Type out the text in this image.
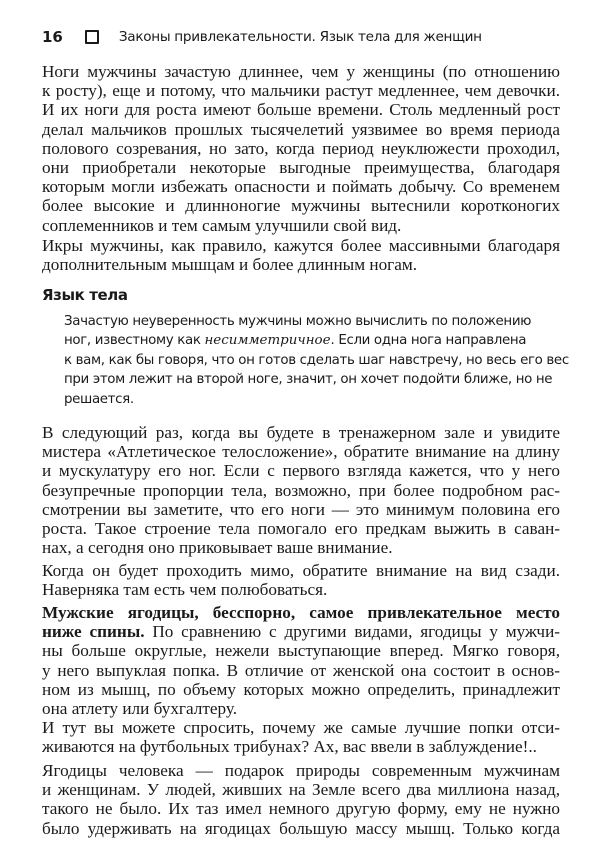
16	Законы привлекательности. Язык тела для женщин
Ноги мужчины зачастую длиннее, чем у женщины (по отношению
к росту), еще и потому, что мальчики растут медленнее, чем девочки.
И их ноги для роста имеют больше времени. Столь медленный рост
делал мальчиков прошлых тысячелетий уязвимее во время периода
полового созревания, но зато, когда период неуклюжести проходил,
они приобретали некоторые выгодные преимущества, благодаря
которым могли избежать опасности и поймать добычу. Со временем
более высокие и длинноногие мужчины вытеснили коротконогих
соплеменников и тем самым улучшили свой вид.
Икры мужчины, как правило, кажутся более массивными благодаря
дополнительным мышцам и более длинным ногам.
Язык тела
Зачастую неуверенность мужчины можно вычислить по положению
ног, известному как несимметричное. Если одна нога направлена
к вам, как бы говоря, что он готов сделать шаг навстречу, но весь его вес
при этом лежит на второй ноге, значит, он хочет подойти ближе, но не
решается.
В следующий раз, когда вы будете в тренажерном зале и увидите
мистера «Атлетическое телосложение», обратите внимание на длину
и мускулатуру его ног. Если с первого взгляда кажется, что у него
безупречные пропорции тела, возможно, при более подробном рас-
смотрении вы заметите, что его ноги — это минимум половина его
роста. Такое строение тела помогало его предкам выжить в саван-
нах, а сегодня оно приковывает ваше внимание.
Когда он будет проходить мимо, обратите внимание на вид сзади.
Наверняка там есть чем полюбоваться.
Мужские ягодицы, бесспорно, самое привлекательное место
ниже спины. По сравнению с другими видами, ягодицы у мужчи-
ны больше округлые, нежели выступающие вперед. Мягко говоря,
у него выпуклая попка. В отличие от женской она состоит в основ-
ном из мышц, по объему которых можно определить, принадлежит
она атлету или бухгалтеру.
И тут вы можете спросить, почему же самые лучшие попки отси-
живаются на футбольных трибунах? Ах, вас ввели в заблуждение!..
Ягодицы человека — подарок природы современным мужчинам
и женщинам. У людей, живших на Земле всего два миллиона назад,
такого не было. Их таз имел немного другую форму, ему не нужно
было удерживать на ягодицах большую массу мышц. Только когда
